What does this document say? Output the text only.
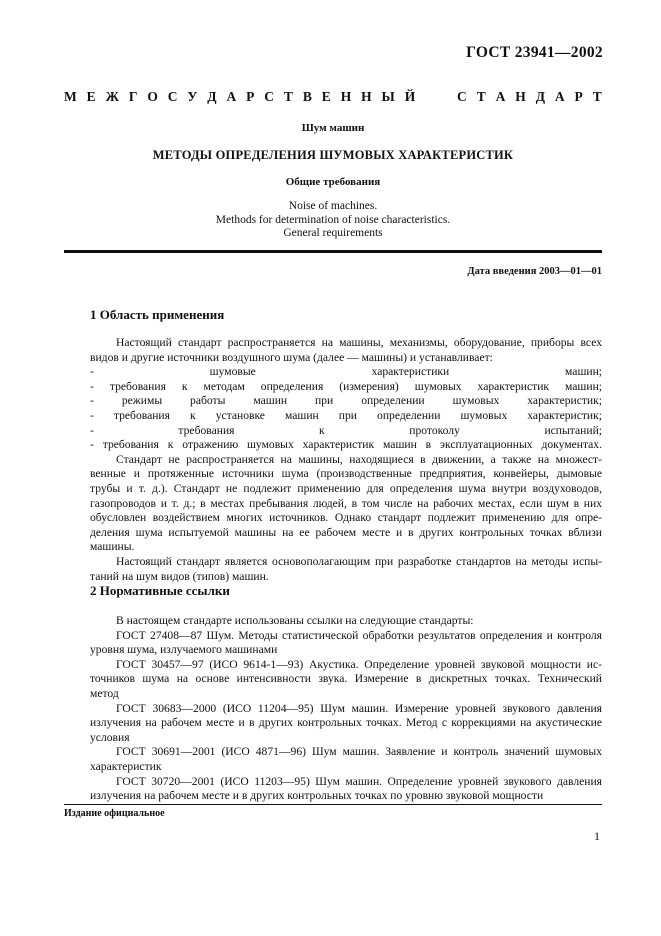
ГОСТ 23941—2002
М Е Ж Г О С У Д А Р С Т В Е Н Н Ы Й	С Т А Н Д А Р Т
Шум машин
МЕТОДЫ ОПРЕДЕЛЕНИЯ ШУМОВЫХ ХАРАКТЕРИСТИК
Общие требования
Noise of machines.
Methods for determination of noise characteristics.
General requirements
Дата введения 2003—01—01
1 Область применения

Настоящий стандарт распространяется на машины, механизмы, оборудование, приборы всех

видов и другие источники воздушного шума (далее — машины) и устанавливает:

- шумовые характеристики машин;

- требования к методам определения (измерения) шумовых характеристик машин;

- режимы работы машин при определении шумовых характеристик;

- требования к установке машин при определении шумовых характеристик;

- требования к протоколу испытаний;

- требования к отражению шумовых характеристик машин в эксплуатационных документах.

Стандарт не распространяется на машины, находящиеся в движении, а также на множест-

венные и протяженные источники шума (производственные предприятия, конвейеры, дымовые

трубы и т. д.). Стандарт не подлежит применению для определения шума внутри воздуховодов,

газопроводов и т. д.; в местах пребывания людей, в том числе на рабочих местах, если шум в них

обусловлен воздействием многих источников. Однако стандарт подлежит применению для опре-

деления шума испытуемой машины на ее рабочем месте и в других контрольных точках вблизи

машины.

Настоящий стандарт является основополагающим при разработке стандартов на методы испы-

таний на шум видов (типов) машин.

2 Нормативные ссылки

В настоящем стандарте использованы ссылки на следующие стандарты:

ГОСТ 27408—87 Шум. Методы статистической обработки результатов определения и контроля

уровня шума, излучаемого машинами

ГОСТ 30457—97 (ИСО 9614-1—93) Акустика. Определение уровней звуковой мощности ис-

точников шума на основе интенсивности звука. Измерение в дискретных точках. Технический

метод

ГОСТ 30683—2000 (ИСО 11204—95) Шум машин. Измерение уровней звукового давления

излучения на рабочем месте и в других контрольных точках. Метод с коррекциями на акустические

условия

ГОСТ 30691—2001 (ИСО 4871—96) Шум машин. Заявление и контроль значений шумовых

характеристик

ГОСТ 30720—2001 (ИСО 11203—95) Шум машин. Определение уровней звукового давления

излучения на рабочем месте и в других контрольных точках по уровню звуковой мощности

Издание официальное
1
